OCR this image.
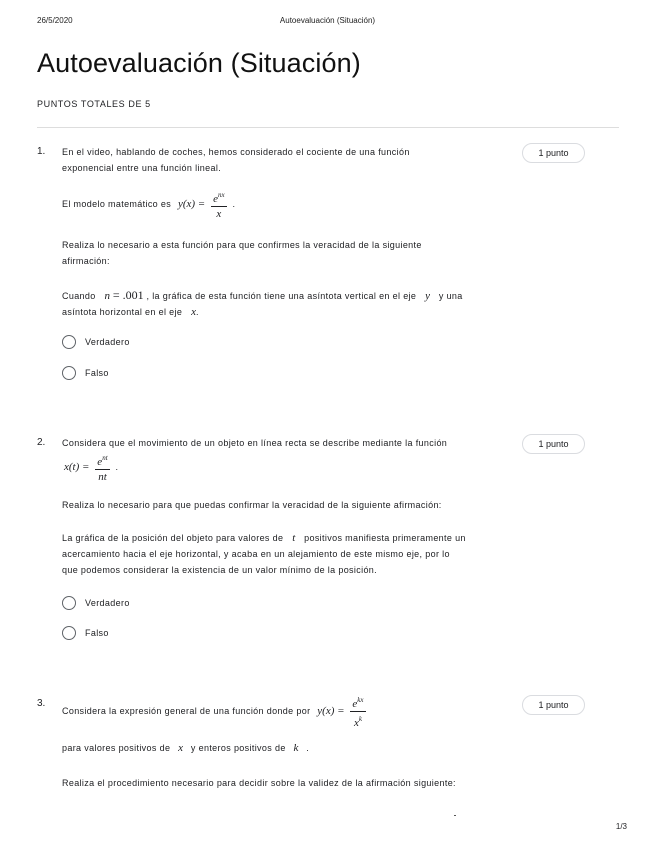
26/5/2020	Autoevaluación (Situación)
Autoevaluación (Situación)
PUNTOS TOTALES DE 5
1.	1 punto
En el video, hablando de coches, hemos considerado el cociente de una función
exponencial entre una función lineal.
El modelo matemático es $y(x) = \frac{e^{nx}}{x}$ .
Realiza lo necesario a esta función para que confirmes la veracidad de la siguiente
afirmación:
Cuando n = .001 , la gráfica de esta función tiene una asíntota vertical en el eje y y una
asíntota horizontal en el eje x.
Verdadero
Falso
2.	1 punto
Considera que el movimiento de un objeto en línea recta se describe mediante la función
$x(t) = \frac{e^{nt}}{nt}$ .
Realiza lo necesario para que puedas confirmar la veracidad de la siguiente afirmación:
La gráfica de la posición del objeto para valores de t positivos manifiesta primeramente un
acercamiento hacia el eje horizontal, y acaba en un alejamiento de este mismo eje, por lo
que podemos considerar la existencia de un valor mínimo de la posición.
Verdadero
Falso
3.	1 punto
Considera la expresión general de una función donde por $y(x) = \frac{e^{kx}}{x^k}$
para valores positivos de x y enteros positivos de k .
Realiza el procedimiento necesario para decidir sobre la validez de la afirmación siguiente:
1/3
